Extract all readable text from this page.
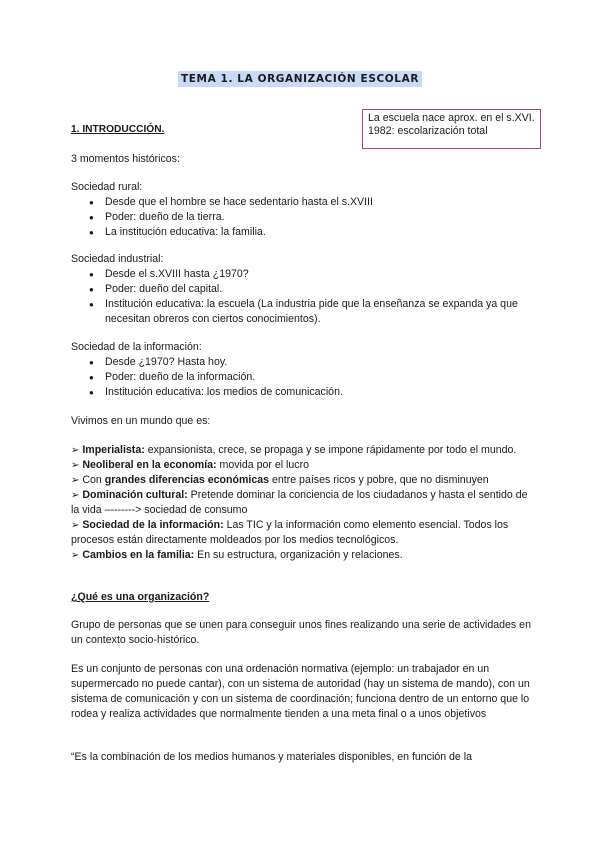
TEMA 1. LA ORGANIZACIÓN ESCOLAR
La escuela nace aprox. en el s.XVI.
1982: escolarización total
1. INTRODUCCIÓN.
3 momentos históricos:
Sociedad rural:
● Desde que el hombre se hace sedentario hasta el s.XVIII
● Poder: dueño de la tierra.
● La institución educativa: la familia.
Sociedad industrial:
● Desde el s.XVIII hasta ¿1970?
● Poder: dueño del capital.
● Institución educativa: la escuela (La industria pide que la enseñanza se expanda ya que necesitan obreros con ciertos conocimientos).
Sociedad de la información:
● Desde ¿1970? Hasta hoy.
● Poder: dueño de la información.
● Institución educativa: los medios de comunicación.
Vivimos en un mundo que es:
➢ Imperialista: expansionista, crece, se propaga y se impone rápidamente por todo el mundo.
➢ Neoliberal en la economía: movida por el lucro
➢ Con grandes diferencias económicas entre países ricos y pobre, que no disminuyen
➢ Dominación cultural: Pretende dominar la conciencia de los ciudadanos y hasta el sentido de la vida –-------> sociedad de consumo
➢ Sociedad de la información: Las TIC y la información como elemento esencial. Todos los procesos están directamente moldeados por los medios tecnológicos.
➢ Cambios en la familia: En su estructura, organización y relaciones.
¿Qué es una organización?
Grupo de personas que se unen para conseguir unos fines realizando una serie de actividades en un contexto socio-histórico.
Es un conjunto de personas con una ordenación normativa (ejemplo: un trabajador en un supermercado no puede cantar), con un sistema de autoridad (hay un sistema de mando), con un sistema de comunicación y con un sistema de coordinación; funciona dentro de un entorno que lo rodea y realiza actividades que normalmente tienden a una meta final o a unos objetivos
“Es la combinación de los medios humanos y materiales disponibles, en función de la
